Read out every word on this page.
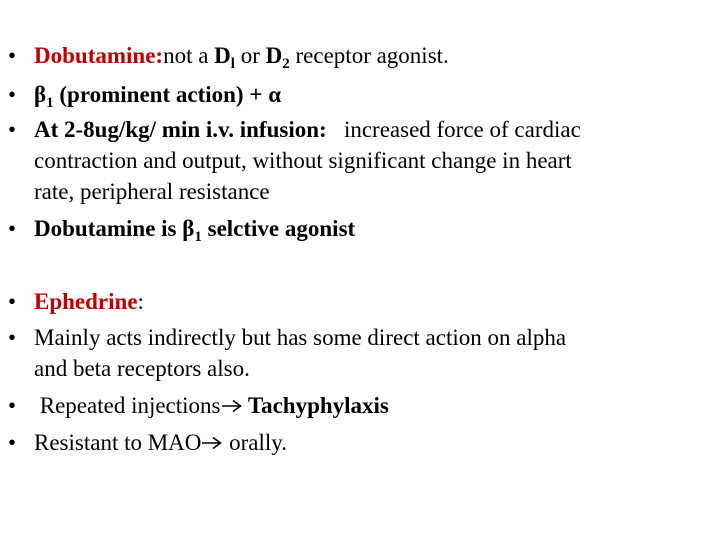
• Dobutamine:not a $D_l$ or $D_2$ receptor agonist.
• $\beta_1$ (prominent action) + α
• At 2-8ug/kg/ min i.v. infusion:   increased force of cardiac
contraction and output, without significant change in heart
rate, peripheral resistance
• Dobutamine is $\beta_1$ selctive agonist
• Ephedrine:
• Mainly acts indirectly but has some direct action on alpha
and beta receptors also.
• Repeated injections
Tachyphylaxis
• Resistant to MAO
orally.
